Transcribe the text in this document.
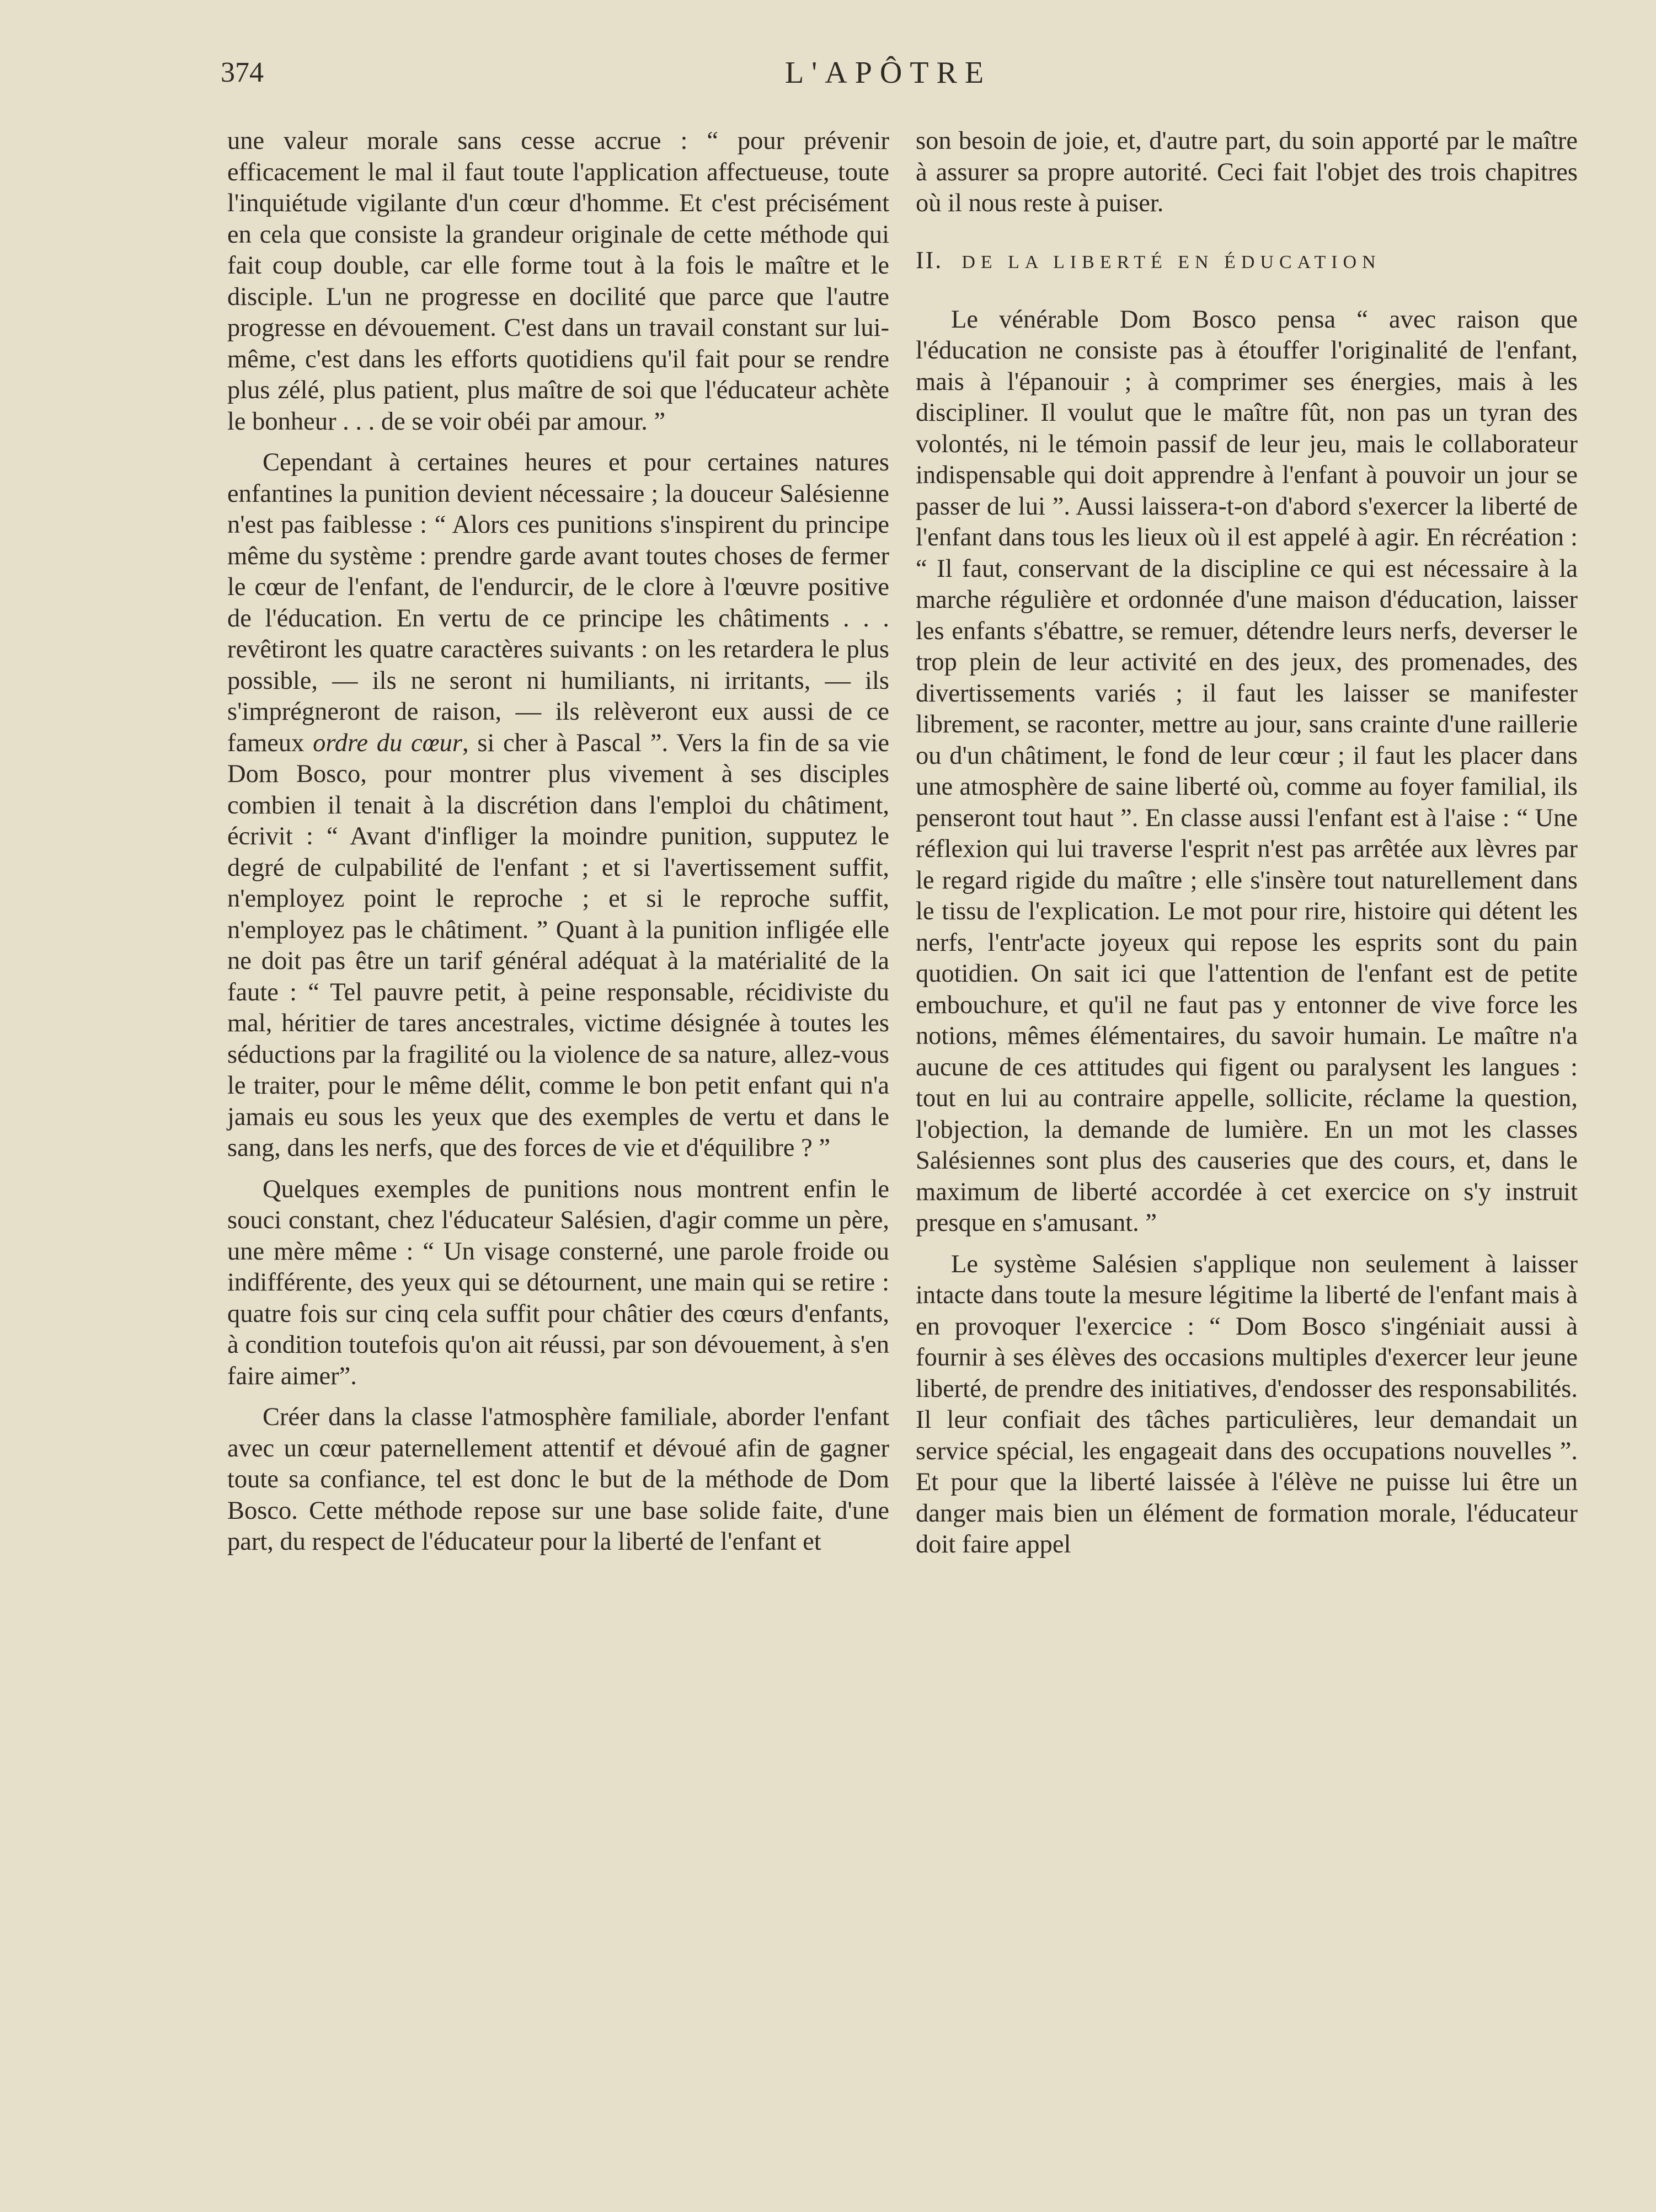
374	L'APÔTRE

une valeur morale sans cesse accrue : “ pour prévenir efficacement le mal il faut toute l'application affectueuse, toute l'inquiétude vigilante d'un cœur d'homme. Et c'est précisément en cela que consiste la grandeur originale de cette méthode qui fait coup double, car elle forme tout à la fois le maître et le disciple. L'un ne progresse en docilité que parce que l'autre progresse en dévouement. C'est dans un travail constant sur lui-même, c'est dans les efforts quotidiens qu'il fait pour se rendre plus zélé, plus patient, plus maître de soi que l'éducateur achète le bonheur . . . de se voir obéi par amour. ”

Cependant à certaines heures et pour certaines natures enfantines la punition devient nécessaire ; la douceur Salésienne n'est pas faiblesse : “ Alors ces punitions s'inspirent du principe même du système : prendre garde avant toutes choses de fermer le cœur de l'enfant, de l'endurcir, de le clore à l'œuvre positive de l'éducation. En vertu de ce principe les châtiments . . . revêtiront les quatre caractères suivants : on les retardera le plus possible, — ils ne seront ni humiliants, ni irritants, — ils s'imprégneront de raison, — ils relèveront eux aussi de ce fameux ordre du cœur, si cher à Pascal ”. Vers la fin de sa vie Dom Bosco, pour montrer plus vivement à ses disciples combien il tenait à la discrétion dans l'emploi du châtiment, écrivit : “ Avant d'infliger la moindre punition, supputez le degré de culpabilité de l'enfant ; et si l'avertissement suffit, n'employez point le reproche ; et si le reproche suffit, n'employez pas le châtiment. ” Quant à la punition infligée elle ne doit pas être un tarif général adéquat à la matérialité de la faute : “ Tel pauvre petit, à peine responsable, récidiviste du mal, héritier de tares ancestrales, victime désignée à toutes les séductions par la fragilité ou la violence de sa nature, allez-vous le traiter, pour le même délit, comme le bon petit enfant qui n'a jamais eu sous les yeux que des exemples de vertu et dans le sang, dans les nerfs, que des forces de vie et d'équilibre ? ”

Quelques exemples de punitions nous montrent enfin le souci constant, chez l'éducateur Salésien, d'agir comme un père, une mère même : “ Un visage consterné, une parole froide ou indifférente, des yeux qui se détournent, une main qui se retire : quatre fois sur cinq cela suffit pour châtier des cœurs d'enfants, à condition toutefois qu'on ait réussi, par son dévouement, à s'en faire aimer”.

Créer dans la classe l'atmosphère familiale, aborder l'enfant avec un cœur paternellement attentif et dévoué afin de gagner toute sa confiance, tel est donc le but de la méthode de Dom Bosco. Cette méthode repose sur une base solide faite, d'une part, du respect de l'éducateur pour la liberté de l'enfant et

son besoin de joie, et, d'autre part, du soin apporté par le maître à assurer sa propre autorité. Ceci fait l'objet des trois chapitres où il nous reste à puiser.

II. DE LA LIBERTÉ EN ÉDUCATION

Le vénérable Dom Bosco pensa “ avec raison que l'éducation ne consiste pas à étouffer l'originalité de l'enfant, mais à l'épanouir ; à comprimer ses énergies, mais à les discipliner. Il voulut que le maître fût, non pas un tyran des volontés, ni le témoin passif de leur jeu, mais le collaborateur indispensable qui doit apprendre à l'enfant à pouvoir un jour se passer de lui ”. Aussi laissera-t-on d'abord s'exercer la liberté de l'enfant dans tous les lieux où il est appelé à agir. En récréation : “ Il faut, conservant de la discipline ce qui est nécessaire à la marche régulière et ordonnée d'une maison d'éducation, laisser les enfants s'ébattre, se remuer, détendre leurs nerfs, deverser le trop plein de leur activité en des jeux, des promenades, des divertissements variés ; il faut les laisser se manifester librement, se raconter, mettre au jour, sans crainte d'une raillerie ou d'un châtiment, le fond de leur cœur ; il faut les placer dans une atmosphère de saine liberté où, comme au foyer familial, ils penseront tout haut ”. En classe aussi l'enfant est à l'aise : “ Une réflexion qui lui traverse l'esprit n'est pas arrêtée aux lèvres par le regard rigide du maître ; elle s'insère tout naturellement dans le tissu de l'explication. Le mot pour rire, histoire qui détent les nerfs, l'entr'acte joyeux qui repose les esprits sont du pain quotidien. On sait ici que l'attention de l'enfant est de petite embouchure, et qu'il ne faut pas y entonner de vive force les notions, mêmes élémentaires, du savoir humain. Le maître n'a aucune de ces attitudes qui figent ou paralysent les langues : tout en lui au contraire appelle, sollicite, réclame la question, l'objection, la demande de lumière. En un mot les classes Salésiennes sont plus des causeries que des cours, et, dans le maximum de liberté accordée à cet exercice on s'y instruit presque en s'amusant. ”

Le système Salésien s'applique non seulement à laisser intacte dans toute la mesure légitime la liberté de l'enfant mais à en provoquer l'exercice : “ Dom Bosco s'ingéniait aussi à fournir à ses élèves des occasions multiples d'exercer leur jeune liberté, de prendre des initiatives, d'endosser des responsabilités. Il leur confiait des tâches particulières, leur demandait un service spécial, les engageait dans des occupations nouvelles ”. Et pour que la liberté laissée à l'élève ne puisse lui être un danger mais bien un élément de formation morale, l'éducateur doit faire appel
